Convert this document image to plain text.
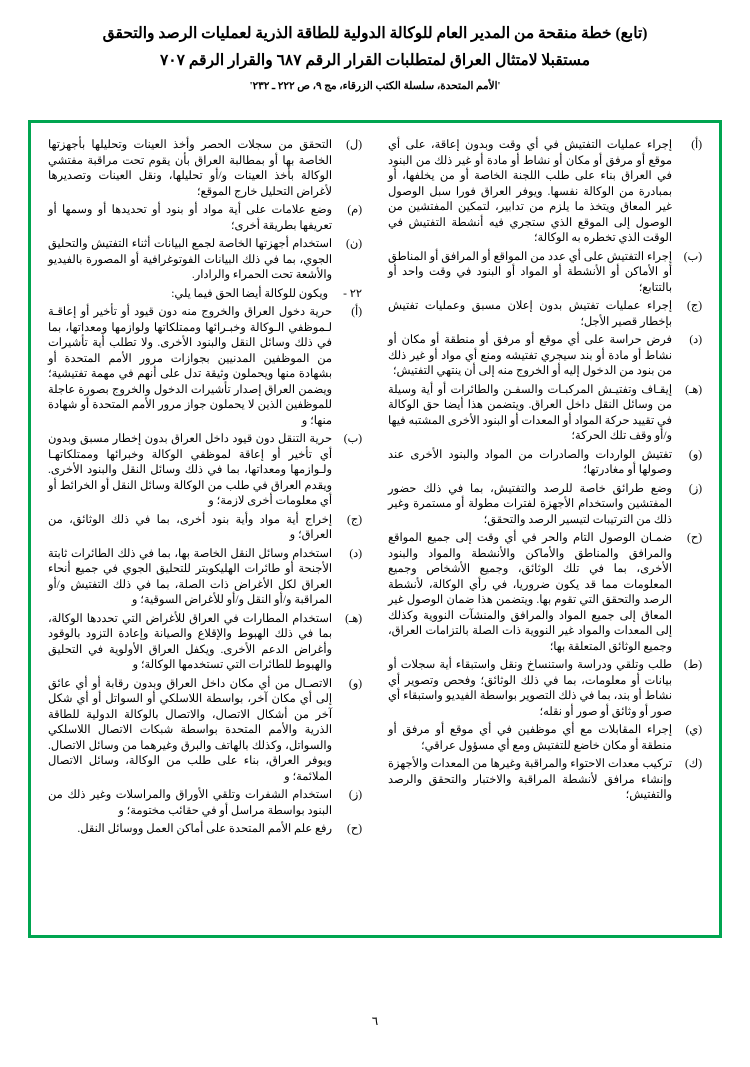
(تابع) خطة منقحة من المدير العام للوكالة الدولية للطاقة الذرية لعمليات الرصد والتحقق
مستقبلا لامتثال العراق لمتطلبات القرار الرقم ٦٨٧ والقرار الرقم ٧٠٧
'الأمم المتحدة، سلسلة الكتب الزرقاء، مج ٩، ص ٢٢٢ ـ ٢٣٢'
(أ)
إجراء عمليات التفتيش في أي وقت وبدون إعاقة، على أي موقع أو مرفق أو مكان أو نشاط أو مادة أو غير ذلك من البنود في العراق بناء على طلب اللجنة الخاصة أو من يخلفها، أو بمبادرة من الوكالة نفسها. ويوفر العراق فورا سبل الوصول غير المعاق ويتخذ ما يلزم من تدابير، لتمكين المفتشين من الوصول إلى الموقع الذي ستجري فيه أنشطة التفتيش في الوقت الذي تخطره به الوكالة؛
(ب)
إجراء التفتيش على أي عدد من المواقع أو المرافق أو المناطق أو الأماكن أو الأنشطة أو المواد أو البنود في وقت واحد أو بالتتابع؛
(ج)
إجراء عمليات تفتيش بدون إعلان مسبق وعمليات تفتيش بإخطار قصير الأجل؛
(د)
فرض حراسة على أي موقع أو مرفق أو منطقة أو مكان أو نشاط أو مادة أو بند سيجري تفتيشه ومنع أي مواد أو غير ذلك من بنود من الدخول إليه أو الخروج منه إلى أن ينتهي التفتيش؛
(هـ)
إيقـاف وتفتيـش المركبـات والسفـن والطائرات أو أية وسيلة من وسائل النقل داخل العراق. ويتضمن هذا أيضا حق الوكالة في تقييد حركة المواد أو المعدات أو البنود الأخرى المشتبه فيها و/أو وقف تلك الحركة؛
(و)
تفتيش الواردات والصادرات من المواد والبنود الأخرى عند وصولها أو مغادرتها؛
(ز)
وضع طرائق خاصة للرصد والتفتيش، بما في ذلك حضور المفتشين واستخدام الأجهزة لفترات مطولة أو مستمرة وغير ذلك من الترتيبات لتيسير الرصد والتحقق؛
(ح)
ضمـان الوصول التام والحر في أي وقت إلى جميع المواقع والمرافق والمناطق والأماكن والأنشطة والمواد والبنود الأخرى، بما في تلك الوثائق، وجميع الأشخاص وجميع المعلومات مما قد يكون ضروريا، في رأي الوكالة، لأنشطة الرصد والتحقق التي تقوم بها. ويتضمن هذا ضمان الوصول غير المعاق إلى جميع المواد والمرافق والمنشآت النووية وكذلك إلى المعدات والمواد غير النووية ذات الصلة بالتزامات العراق، وجميع الوثائق المتعلقة بها؛
(ط)
طلب وتلقي ودراسة واستنساخ ونقل واستبقاء أية سجلات أو بيانات أو معلومات، بما في ذلك الوثائق؛ وفحص وتصوير أي نشاط أو بند، بما في ذلك التصوير بواسطة الفيديو واستبقاء أي صور أو وثائق أو صور أو نقله؛
(ي)
إجراء المقابلات مع أي موظفين في أي موقع أو مرفق أو منطقة أو مكان خاضع للتفتيش ومع أي مسؤول عراقي؛
(ك)
تركيب معدات الاحتواء والمراقبة وغيرها من المعدات والأجهزة وإنشاء مرافق لأنشطة المراقبة والاختبار والتحقق والرصد والتفتيش؛
(ل)
التحقق من سجلات الحصر وأخذ العينات وتحليلها بأجهزتها الخاصة بها أو بمطالبة العراق بأن يقوم تحت مراقبة مفتشي الوكالة بأخذ العينات و/أو تحليلها، ونقل العينات وتصديرها لأغراض التحليل خارج الموقع؛
(م)
وضع علامات على أية مواد أو بنود أو تحديدها أو وسمها أو تعريفها بطريقة أخرى؛
(ن)
استخدام أجهزتها الخاصة لجمع البيانات أثناء التفتيش والتحليق الجوي، بما في ذلك البيانات الفوتوغرافية أو المصورة بالفيديو والأشعة تحت الحمراء والرادار.
٢٢ -
ويكون للوكالة أيضا الحق فيما يلي:
(أ)
حرية دخول العراق والخروج منه دون قيود أو تأخير أو إعاقـة لـموظفي الـوكالة وخبـرائها وممتلكاتها ولوازمها ومعداتها، بما في ذلك وسائل النقل والبنود الأخرى. ولا تطلب أية تأشيرات من الموظفين المدنيين بجوازات مرور الأمم المتحدة أو بشهادة منها ويحملون وثيقة تدل على أنهم في مهمة تفتيشية؛ ويضمن العراق إصدار تأشيرات الدخول والخروج بصورة عاجلة للموظفين الذين لا يحملون جواز مرور الأمم المتحدة أو شهادة منها؛ و
(ب)
حرية التنقل دون قيود داخل العراق بدون إخطار مسبق وبدون أي تأخير أو إعاقة لموظفي الوكالة وخبرائها وممتلكاتهـا ولـوازمها ومعداتها، بما في ذلك وسائل النقل والبنود الأخرى. ويقدم العراق في طلب من الوكالة وسائل النقل أو الخرائط أو أي معلومات أخرى لازمة؛ و
(ج)
إخراج أية مواد وأية بنود أخرى، بما في ذلك الوثائق، من العراق؛ و
(د)
استخدام وسائل النقل الخاصة بها، بما في ذلك الطائرات ثابتة الأجنحة أو طائرات الهليكوبتر للتحليق الجوي في جميع أنحاء العراق لكل الأغراض ذات الصلة، بما في ذلك التفتيش و/أو المراقبة و/أو النقل و/أو للأغراض السوقية؛ و
(هـ)
استخدام المطارات في العراق للأغراض التي تحددها الوكالة، بما في ذلك الهبوط والإقلاع والصيانة وإعادة التزود بالوقود وأغراض الدعم الأخرى. ويكفل العراق الأولوية في التحليق والهبوط للطائرات التي تستخدمها الوكالة؛ و
(و)
الاتصـال من أي مكان داخل العراق وبدون رقابة أو أي عائق إلى أي مكان آخر، بواسطة اللاسلكي أو السواتل أو أي شكل آخر من أشكال الاتصال، والاتصال بالوكالة الدولية للطاقة الذرية والأمم المتحدة بواسطة شبكات الاتصال اللاسلكي والسواتل، وكذلك بالهاتف والبرق وغيرهما من وسائل الاتصال. ويوفر العراق، بناء على طلب من الوكالة، وسائل الاتصال الملائمة؛ و
(ز)
استخدام الشفرات وتلقي الأوراق والمراسلات وغير ذلك من البنود بواسطة مراسل أو في حقائب مختومة؛ و
(ح)
رفع علم الأمم المتحدة على أماكن العمل ووسائل النقل.
٦
